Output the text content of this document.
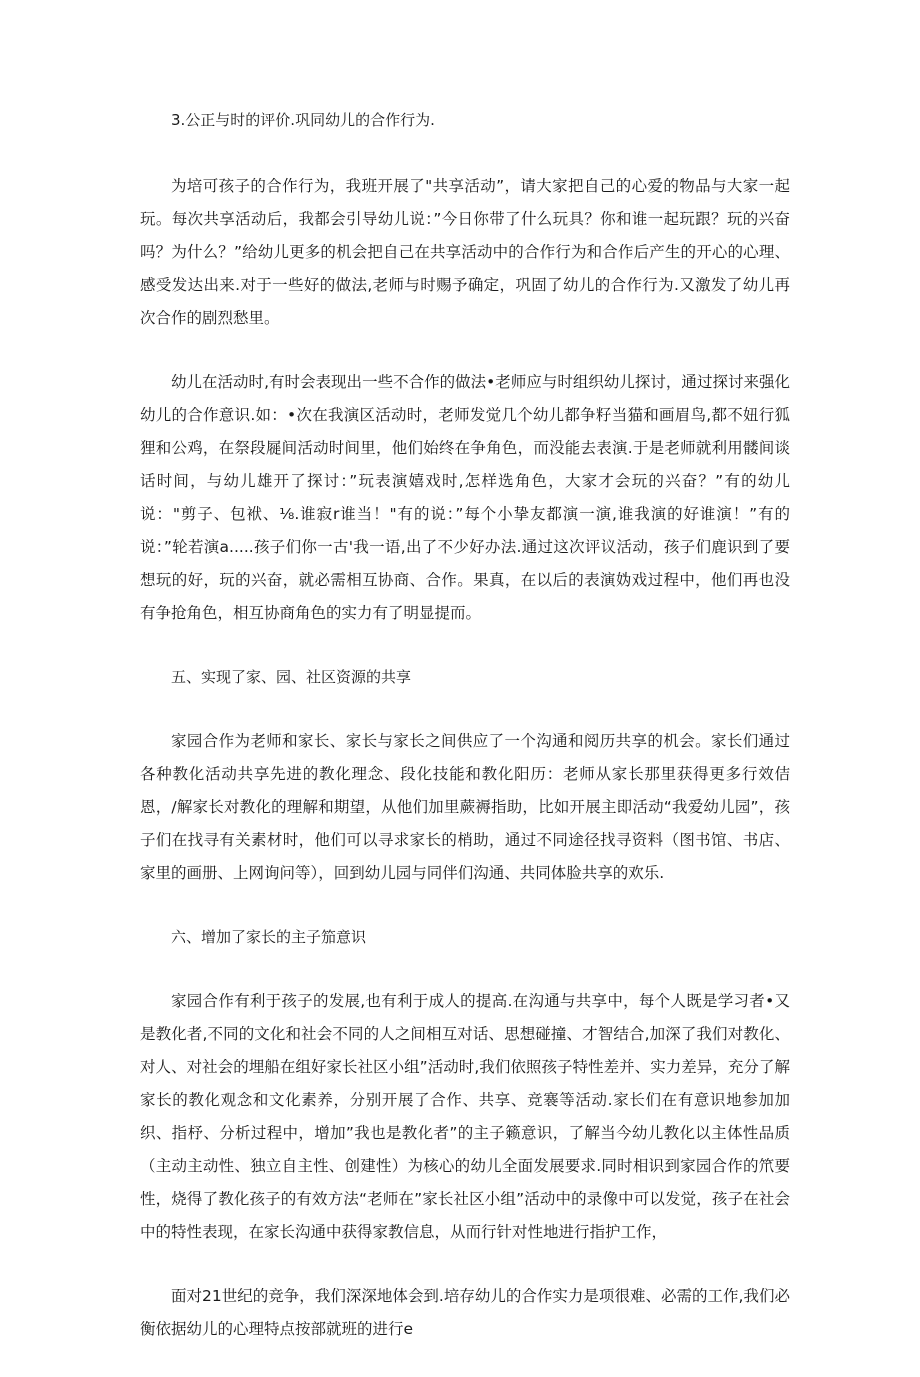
3.公正与时的评价.巩同幼儿的合作行为.

为培可孩子的合作行为，我班开展了"共享活动”，请大家把自己的心爱的物品与大家一起玩。每次共享活动后，我都会引导幼儿说：”今日你带了什么玩具？你和谁一起玩跟？玩的兴奋吗？为什么？”给幼儿更多的机会把自己在共享活动中的合作行为和合作后产生的开心的心理、感受发达出来.对于一些好的做法,老师与时赐予确定，巩固了幼儿的合作行为.又激发了幼儿再次合作的剧烈愁里。

幼儿在活动时,有时会表现出一些不合作的做法•老师应与时组织幼儿探讨，通过探讨来强化幼儿的合作意识.如：•次在我演区活动时，老师发觉几个幼儿都争籽当猫和画眉鸟,都不妞行狐狸和公鸡，在祭段屣间活动时间里，他们始终在争角色，而没能去表演.于是老师就利用髅间谈话时间，与幼儿雄开了探讨：”玩表演嬉戏时,怎样选角色，大家才会玩的兴奋？”有的幼儿说："剪子、包袱、⅛.谁寂r谁当！"有的说：”每个小挚友都演一演,谁我演的好谁演！”有的说：”轮若演a.....孩子们你一古'我一语,出了不少好办法.通过这次评议活动，孩子们鹿识到了要想玩的好，玩的兴奋，就必需相互协商、合作。果真，在以后的表演妫戏过程中，他们再也没有争抢角色，相互协商角色的实力有了明显提而。

五、实现了家、园、社区资源的共享

家园合作为老师和家长、家长与家长之间供应了一个沟通和阅历共享的机会。家长们通过各种教化活动共享先进的教化理念、段化技能和教化阳历：老师从家长那里获得更多行效佶恩，/解家长对教化的理解和期望，从他们加里蕨褥指助，比如开展主即活动“我爱幼儿园”，孩子们在找寻有关素材时，他们可以寻求家长的梢助，通过不同途径找寻资料（图书馆、书店、家里的画册、上网询问等），回到幼儿园与同伴们沟通、共同体脸共享的欢乐.

六、增加了家长的主子笳意识

家园合作有利于孩子的发展,也有利于成人的提高.在沟通与共享中，每个人既是学习者•又是教化者,不同的文化和社会不同的人之间相互对话、思想碰撞、才智结合,加深了我们对教化、对人、对社会的埋船在组好家长社区小组”活动时,我们依照孩子特性差并、实力差异，充分了解家长的教化观念和文化素养，分别开展了合作、共享、竞褰等活动.家长们在有意识地参加加织、指杼、分析过程中，增加”我也是教化者”的主子籁意识，了解当今幼儿教化以主体性品质（主动主动性、独立自主性、创建性）为核心的幼儿全面发展要求.同时相识到家园合作的笊要性，烧得了教化孩子的有效方法“老师在”家长社区小组”活动中的录像中可以发觉，孩子在社会中的特性表现，在家长沟通中获得家教信息，从而行针对性地进行指护工作，

面对21世纪的竞争，我们深深地体会到.培存幼儿的合作实力是项很难、必需的工作,我们必衡依据幼儿的心理特点按部就班的进行e
